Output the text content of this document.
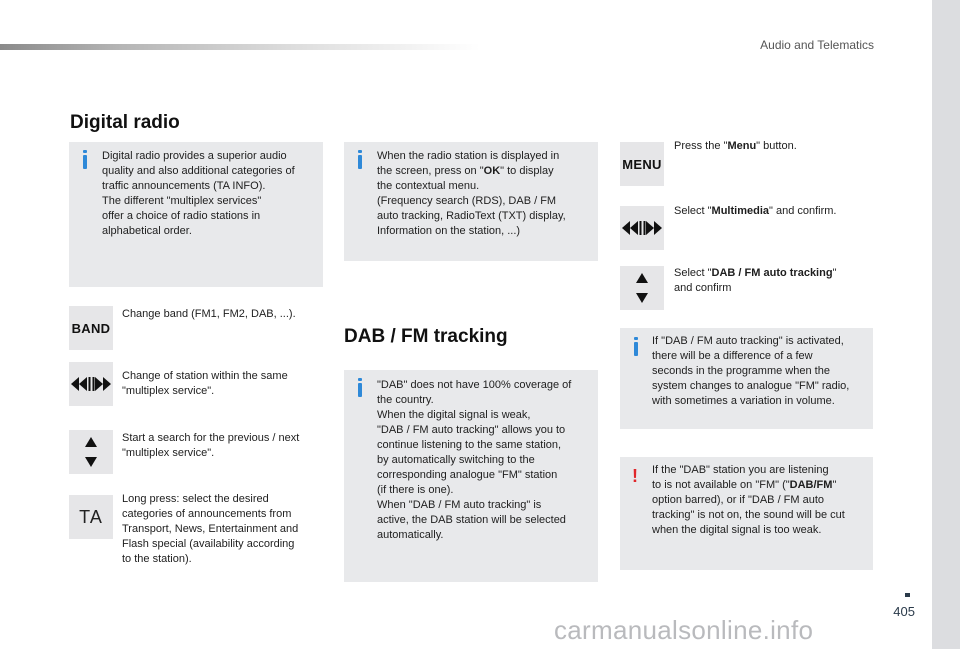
Audio and Telematics
Digital radio

Digital radio provides a superior audio

quality and also additional categories of

traffic announcements (TA INFO).

The different "multiplex services"

offer a choice of radio stations in

alphabetical order.

BAND

Change band (FM1, FM2, DAB, ...).

Change of station within the same

"multiplex service".

Start a search for the previous / next

"multiplex service".

TA

Long press: select the desired

categories of announcements from

Transport, News, Entertainment and

Flash special (availability according

to the station).

When the radio station is displayed in

the screen, press on "OK" to display

the contextual menu.

(Frequency search (RDS), DAB / FM

auto tracking, RadioText (TXT) display,

Information on the station, ...)

DAB / FM tracking

"DAB" does not have 100% coverage of

the country.

When the digital signal is weak,

"DAB / FM auto tracking" allows you to

continue listening to the same station,

by automatically switching to the

corresponding analogue "FM" station

(if there is one).

When "DAB / FM auto tracking" is

active, the DAB station will be selected

automatically.

MENU

Press the "Menu" button.

Select "Multimedia" and confirm.

Select "DAB / FM auto tracking"

and confirm

If "DAB / FM auto tracking" is activated,

there will be a difference of a few

seconds in the programme when the

system changes to analogue "FM" radio,

with sometimes a variation in volume.

! If the "DAB" station you are listening

to is not available on "FM" ("DAB/FM"

option barred), or if "DAB / FM auto

tracking" is not on, the sound will be cut

when the digital signal is too weak.

405
carmanualsonline.info
